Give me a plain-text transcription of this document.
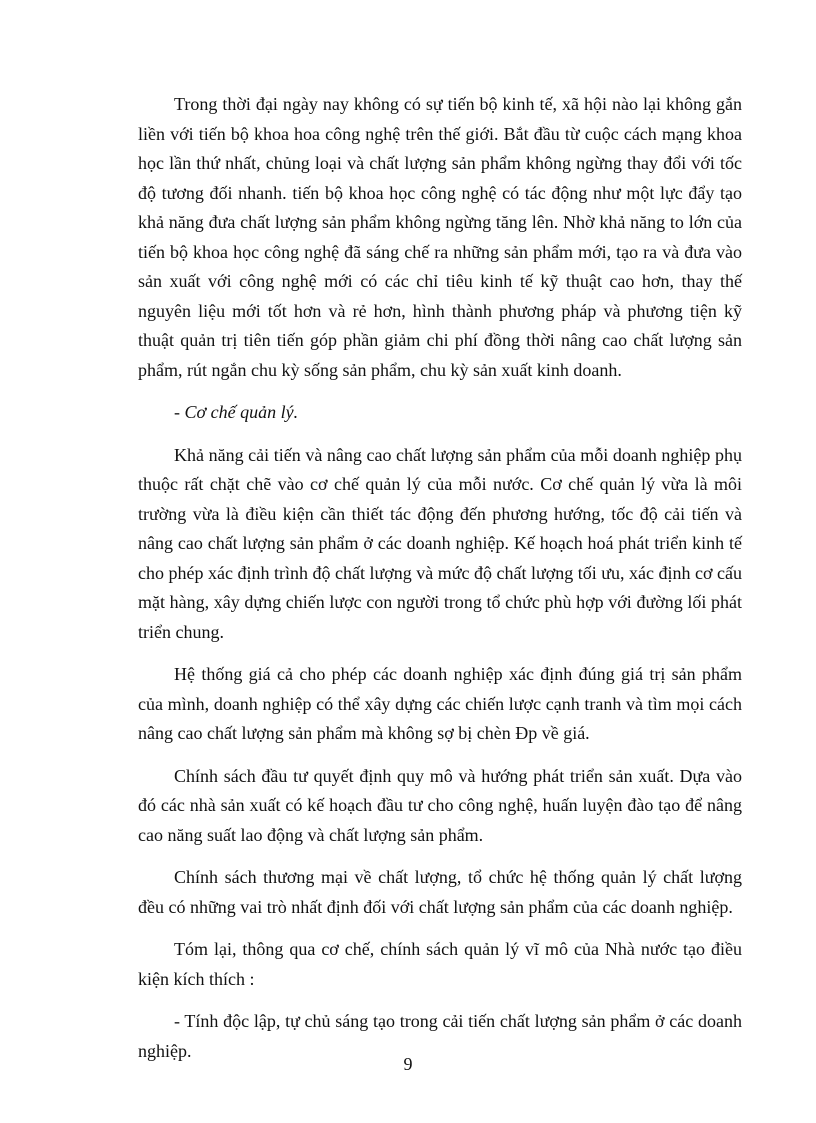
Trong thời đại ngày nay không có sự tiến bộ kinh tế, xã hội nào lại không gắn liền với tiến bộ khoa hoa công nghệ trên thế giới. Bắt đầu từ cuộc cách mạng khoa học lần thứ nhất, chủng loại và chất lượng sản phẩm không ngừng thay đổi với tốc độ tương đối nhanh. tiến bộ khoa học công nghệ có tác động như một lực đẩy tạo khả năng đưa chất lượng sản phẩm không ngừng tăng lên. Nhờ khả năng to lớn của tiến bộ khoa học công nghệ đã sáng chế ra những sản phẩm mới, tạo ra và đưa vào sản xuất với công nghệ mới có các chỉ tiêu kinh tế kỹ thuật cao hơn, thay thế nguyên liệu mới tốt hơn và rẻ hơn, hình thành phương pháp và phương tiện kỹ thuật quản trị tiên tiến góp phần giảm chi phí đồng thời nâng cao chất lượng sản phẩm, rút ngắn chu kỳ sống sản phẩm, chu kỳ sản xuất kinh doanh.

- Cơ chế quản lý.

Khả năng cải tiến và nâng cao chất lượng sản phẩm của mỗi doanh nghiệp phụ thuộc rất chặt chẽ vào cơ chế quản lý của mỗi nước. Cơ chế quản lý vừa là môi trường vừa là điều kiện cần thiết tác động đến phương hướng, tốc độ cải tiến và nâng cao chất lượng sản phẩm ở các doanh nghiệp. Kế hoạch hoá phát triển kinh tế cho phép xác định trình độ chất lượng và mức độ chất lượng tối ưu, xác định cơ cấu mặt hàng, xây dựng chiến lược con người trong tổ chức phù hợp với đường lối phát triển chung.

Hệ thống giá cả cho phép các doanh nghiệp xác định đúng giá trị sản phẩm của mình, doanh nghiệp có thể xây dựng các chiến lược cạnh tranh và tìm mọi cách nâng cao chất lượng sản phẩm mà không sợ bị chèn Đp về giá.

Chính sách đầu tư quyết định quy mô và hướng phát triển sản xuất. Dựa vào đó các nhà sản xuất có kế hoạch đầu tư cho công nghệ, huấn luyện đào tạo để nâng cao năng suất lao động và chất lượng sản phẩm.

Chính sách thương mại về chất lượng, tổ chức hệ thống quản lý chất lượng đều có những vai trò nhất định đối với chất lượng sản phẩm của các doanh nghiệp.

Tóm lại, thông qua cơ chế, chính sách quản lý vĩ mô của Nhà nước tạo điều kiện kích thích :

- Tính độc lập, tự chủ sáng tạo trong cải tiến chất lượng sản phẩm ở các doanh nghiệp.

9
